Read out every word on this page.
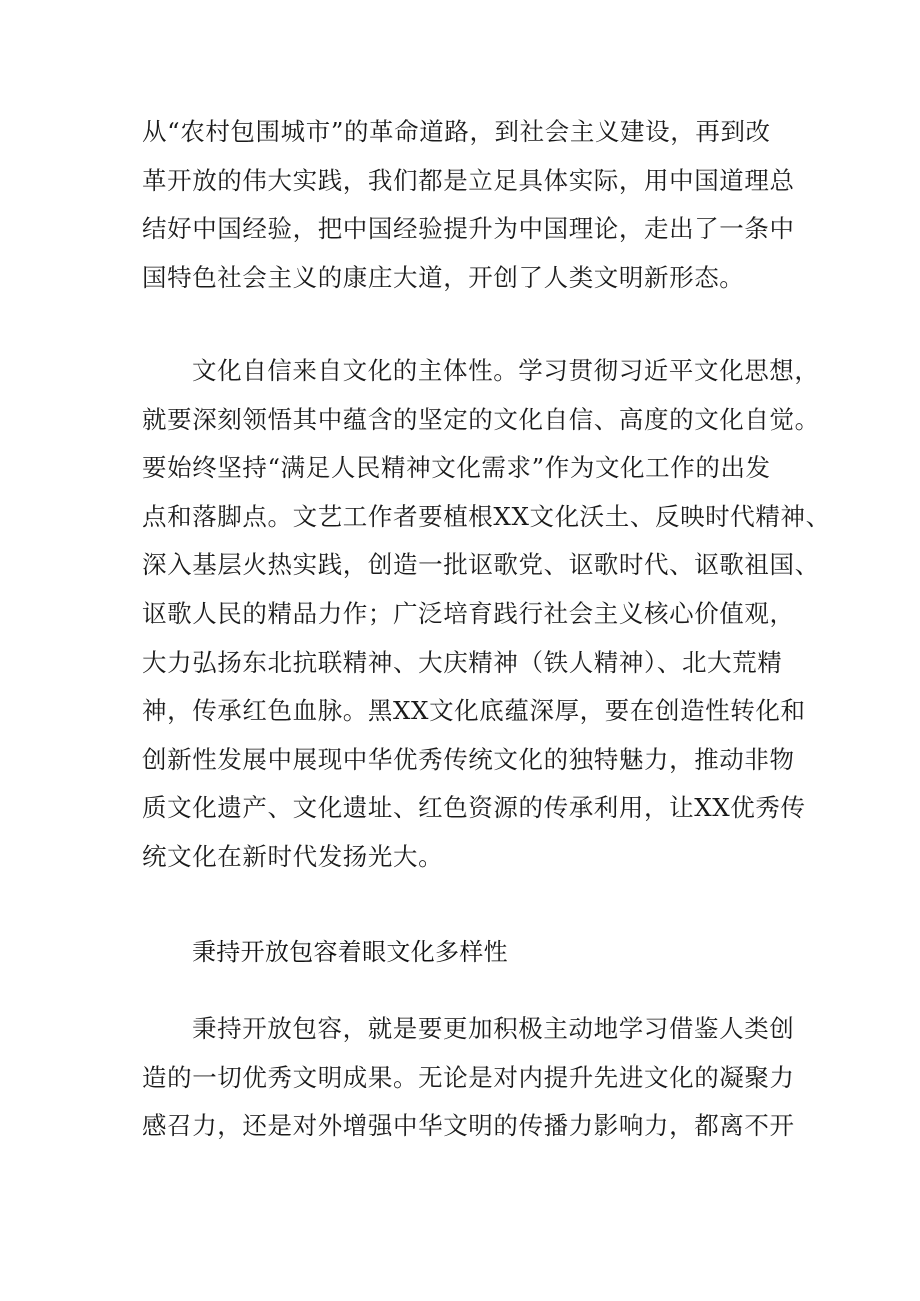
从“农村包围城市”的革命道路，到社会主义建设，再到改
革开放的伟大实践，我们都是立足具体实际，用中国道理总
结好中国经验，把中国经验提升为中国理论，走出了一条中
国特色社会主义的康庄大道，开创了人类文明新形态。

文化自信来自文化的主体性。学习贯彻习近平文化思想，
就要深刻领悟其中蕴含的坚定的文化自信、高度的文化自觉。
要始终坚持“满足人民精神文化需求”作为文化工作的出发
点和落脚点。文艺工作者要植根XX文化沃土、反映时代精神、
深入基层火热实践，创造一批讴歌党、讴歌时代、讴歌祖国、
讴歌人民的精品力作；广泛培育践行社会主义核心价值观，
大力弘扬东北抗联精神、大庆精神（铁人精神）、北大荒精
神，传承红色血脉。黑XX文化底蕴深厚，要在创造性转化和
创新性发展中展现中华优秀传统文化的独特魅力，推动非物
质文化遗产、文化遗址、红色资源的传承利用，让XX优秀传
统文化在新时代发扬光大。

秉持开放包容着眼文化多样性

秉持开放包容，就是要更加积极主动地学习借鉴人类创
造的一切优秀文明成果。无论是对内提升先进文化的凝聚力
感召力，还是对外增强中华文明的传播力影响力，都离不开
